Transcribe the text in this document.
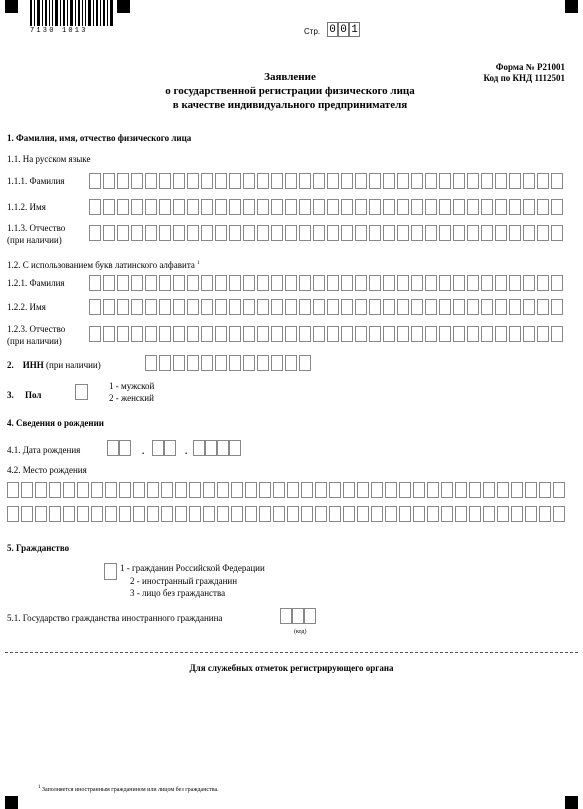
7130 1013	Стр. 0 0 1
Форма № Р21001
Код по КНД 1112501
Заявление
о государственной регистрации физического лица
в качестве индивидуального предпринимателя
1. Фамилия, имя, отчество физического лица
1.1. На русском языке
1.1.1. Фамилия
1.1.2. Имя
1.1.3. Отчество
(при наличии)
1.2. С использованием букв латинского алфавита $^1$
1.2.1. Фамилия
1.2.2. Имя
1.2.3. Отчество
(при наличии)
2. ИНН (при наличии)
3. Пол
1 - мужской
2 - женский
4. Сведения о рождении
4.1. Дата рождения	.	.
4.2. Место рождения
5. Гражданство
1 - гражданин Российской Федерации
2 - иностранный гражданин
3 - лицо без гражданства
5.1. Государство гражданства иностранного гражданина
(код)
Для служебных отметок регистрирующего органа
$^1$ Заполняется иностранным гражданином или лицом без гражданства.
